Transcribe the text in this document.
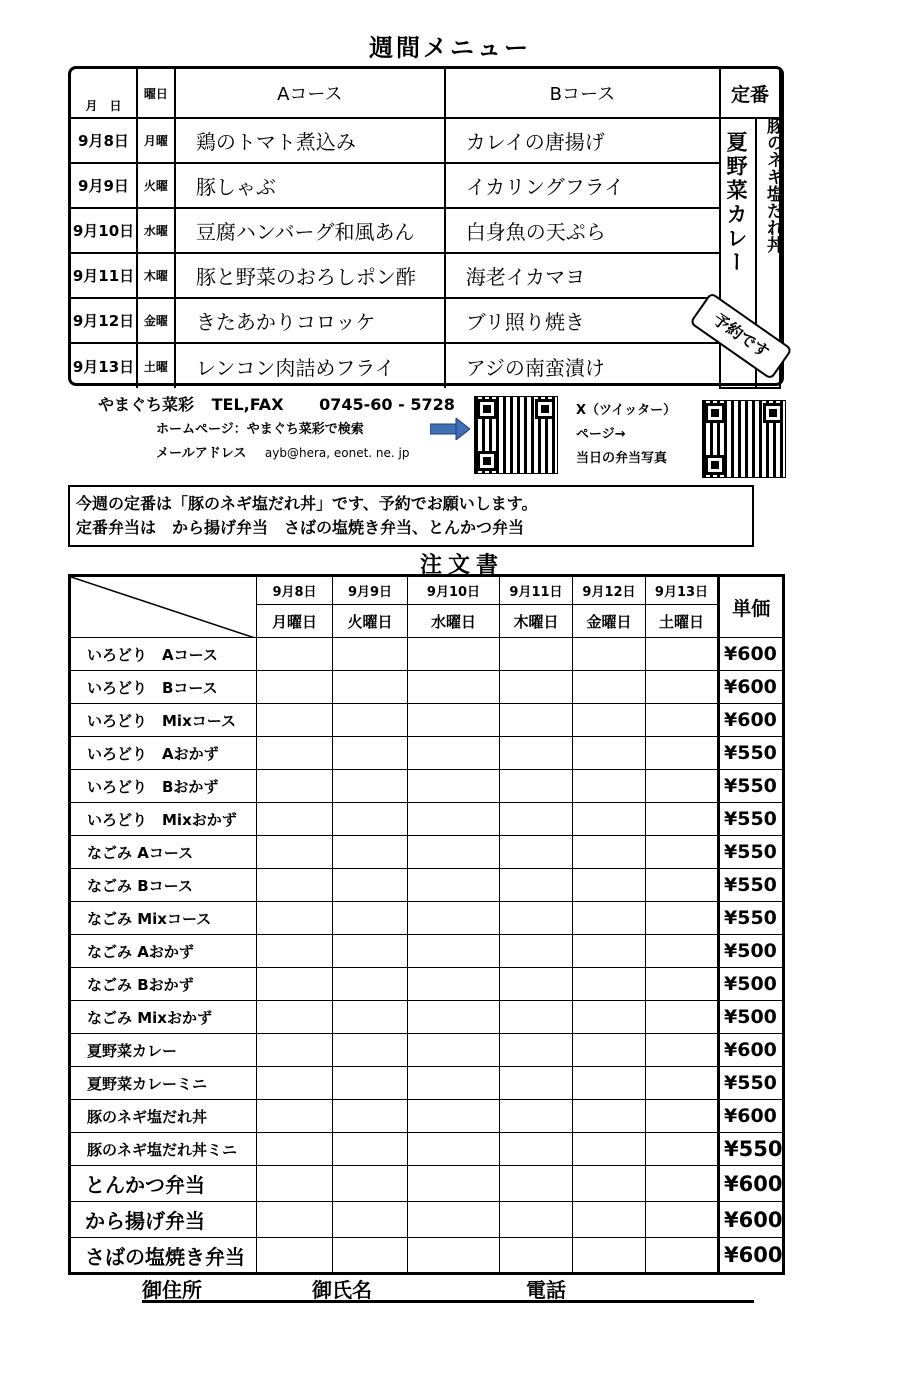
週間メニュー
月　日	曜日	Aコース	Bコース	定番	
9月8日	月曜	鶏のトマト煮込み	カレイの唐揚げ		
9月9日	火曜	豚しゃぶ	イカリングフライ		
9月10日	水曜	豆腐ハンバーグ和風あん	白身魚の天ぷら		
9月11日	木曜	豚と野菜のおろしポン酢	海老イカマヨ		
9月12日	金曜	きたあかりコロッケ	ブリ照り焼き		
9月13日	土曜	レンコン肉詰めフライ	アジの南蛮漬け		
夏野菜カレー 豚のネギ塩だれ丼
予約です
やまぐち菜彩 TEL,FAX 0745-60 - 5728
ホームページ：やまぐち菜彩で検索
メールアドレス ayb@hera, eonet. ne. jp
X（ツイッター）
ページ→
当日の弁当写真
今週の定番は「豚のネギ塩だれ丼」です、予約でお願いします。
定番弁当は　から揚げ弁当　さばの塩焼き弁当、とんかつ弁当
注文書
	9月8日	9月9日	9月10日	9月11日	9月12日	9月13日	単価
	月曜日	火曜日	水曜日	木曜日	金曜日	土曜日	
いろどり　Aコース							¥600
いろどり　Bコース							¥600
いろどり　Mixコース							¥600
いろどり　Aおかず							¥550
いろどり　Bおかず							¥550
いろどり　Mixおかず							¥550
なごみ Aコース							¥550
なごみ Bコース							¥550
なごみ Mixコース							¥550
なごみ Aおかず							¥500
なごみ Bおかず							¥500
なごみ Mixおかず							¥500
夏野菜カレー							¥600
夏野菜カレーミニ							¥550
豚のネギ塩だれ丼							¥600
豚のネギ塩だれ丼ミニ							¥550
とんかつ弁当							¥600
から揚げ弁当							¥600
さばの塩焼き弁当							¥600
御住所	御氏名	電話
